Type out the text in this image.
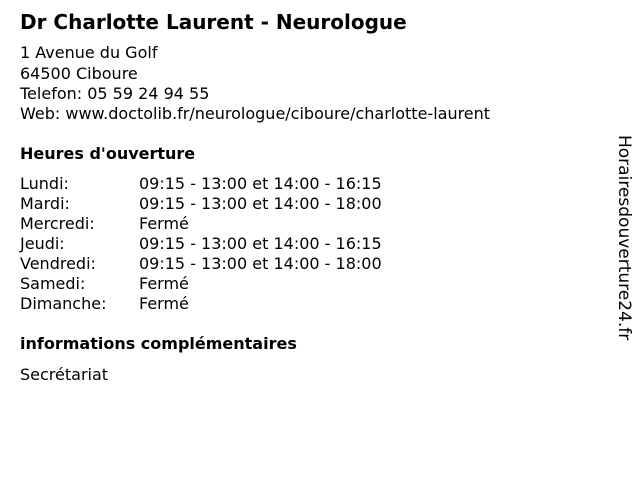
Dr Charlotte Laurent - Neurologue
1 Avenue du Golf
64500 Ciboure
Telefon: 05 59 24 94 55
Web: www.doctolib.fr/neurologue/ciboure/charlotte-laurent
Heures d'ouverture
Lundi:	09:15 - 13:00 et 14:00 - 16:15
Mardi:	09:15 - 13:00 et 14:00 - 18:00
Mercredi:	Fermé
Jeudi:	09:15 - 13:00 et 14:00 - 16:15
Vendredi:	09:15 - 13:00 et 14:00 - 18:00
Samedi:	Fermé
Dimanche: Fermé
informations complémentaires
Secrétariat
Horairesdouverture24.fr
